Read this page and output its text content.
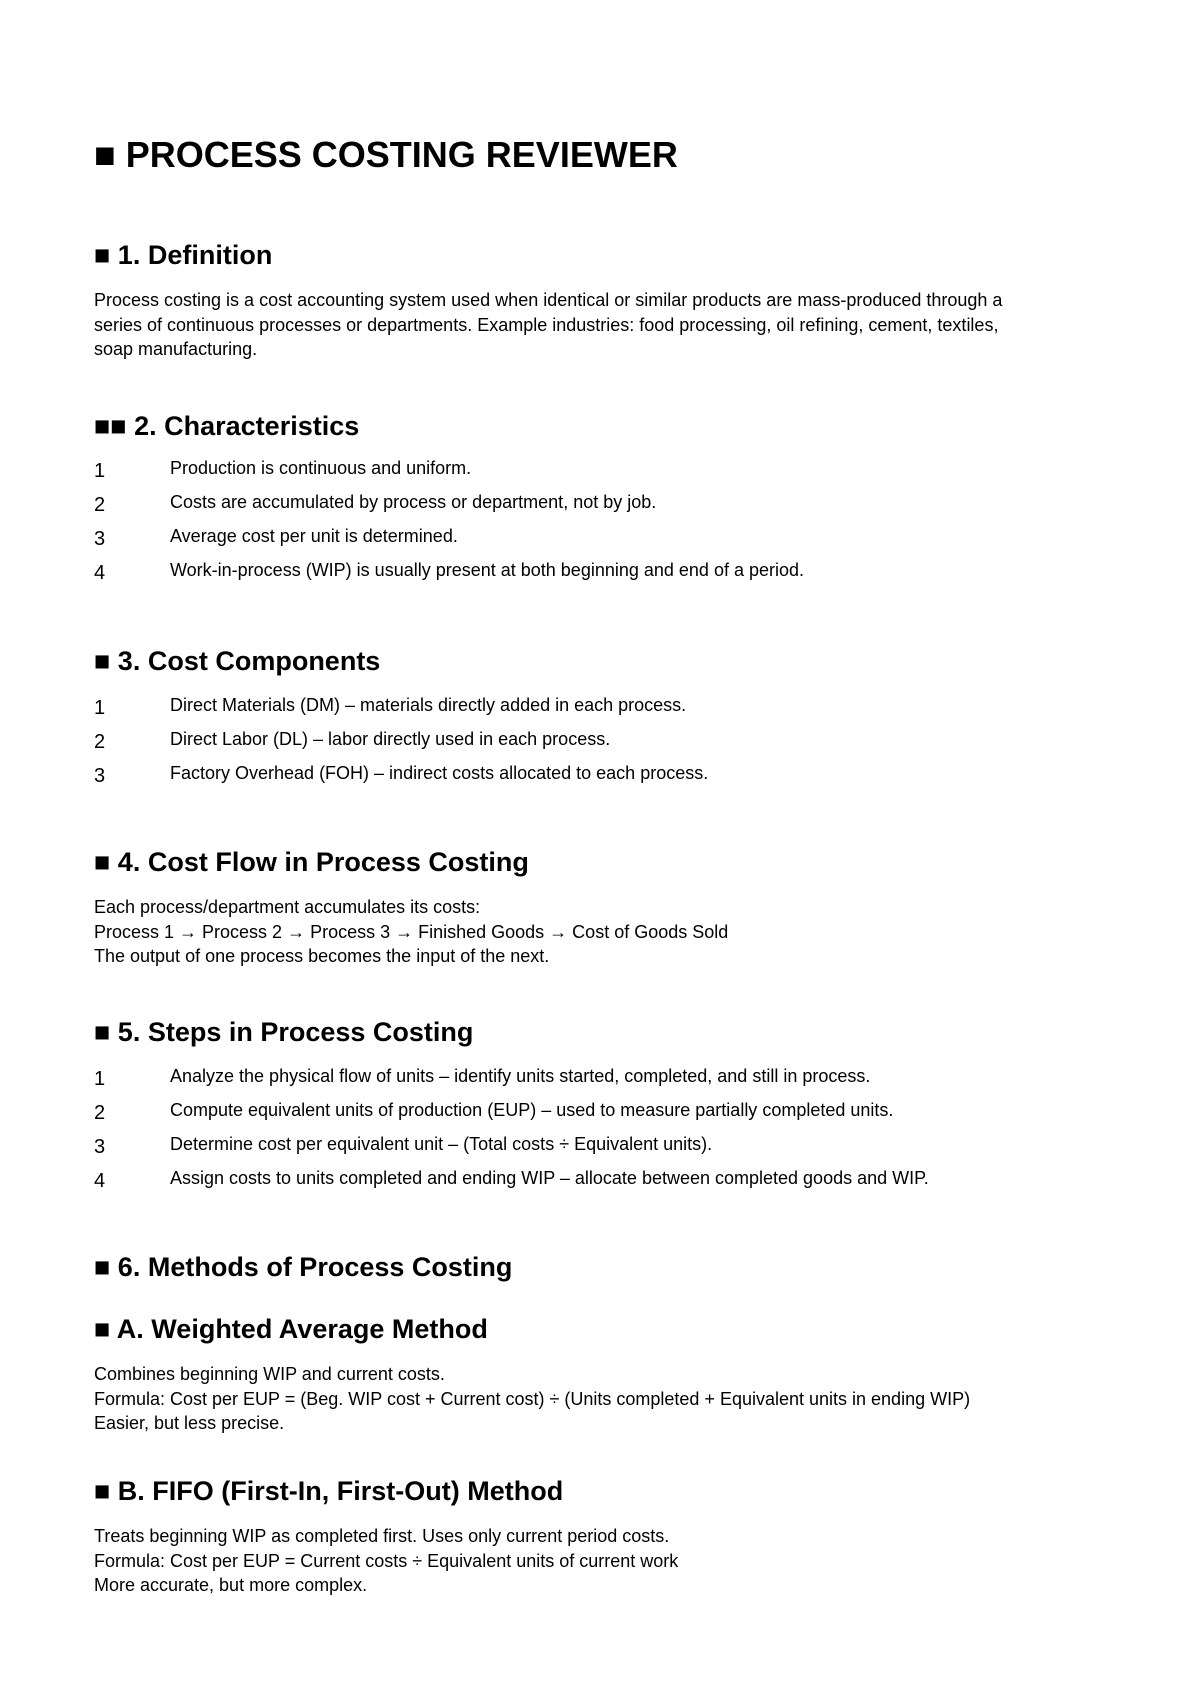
■ PROCESS COSTING REVIEWER
■ 1. Definition
Process costing is a cost accounting system used when identical or similar products are mass-produced through a
series of continuous processes or departments. Example industries: food processing, oil refining, cement, textiles,
soap manufacturing.
■■ 2. Characteristics
1	Production is continuous and uniform.
2	Costs are accumulated by process or department, not by job.
3	Average cost per unit is determined.
4	Work-in-process (WIP) is usually present at both beginning and end of a period.
■ 3. Cost Components
1	Direct Materials (DM) – materials directly added in each process.
2	Direct Labor (DL) – labor directly used in each process.
3	Factory Overhead (FOH) – indirect costs allocated to each process.
■ 4. Cost Flow in Process Costing
Each process/department accumulates its costs:
Process 1 → Process 2 → Process 3 → Finished Goods → Cost of Goods Sold
The output of one process becomes the input of the next.
■ 5. Steps in Process Costing
1	Analyze the physical flow of units – identify units started, completed, and still in process.
2	Compute equivalent units of production (EUP) – used to measure partially completed units.
3	Determine cost per equivalent unit – (Total costs ÷ Equivalent units).
4	Assign costs to units completed and ending WIP – allocate between completed goods and WIP.
■ 6. Methods of Process Costing
■ A. Weighted Average Method
Combines beginning WIP and current costs.
Formula: Cost per EUP = (Beg. WIP cost + Current cost) ÷ (Units completed + Equivalent units in ending WIP)
Easier, but less precise.
■ B. FIFO (First-In, First-Out) Method
Treats beginning WIP as completed first. Uses only current period costs.
Formula: Cost per EUP = Current costs ÷ Equivalent units of current work
More accurate, but more complex.
